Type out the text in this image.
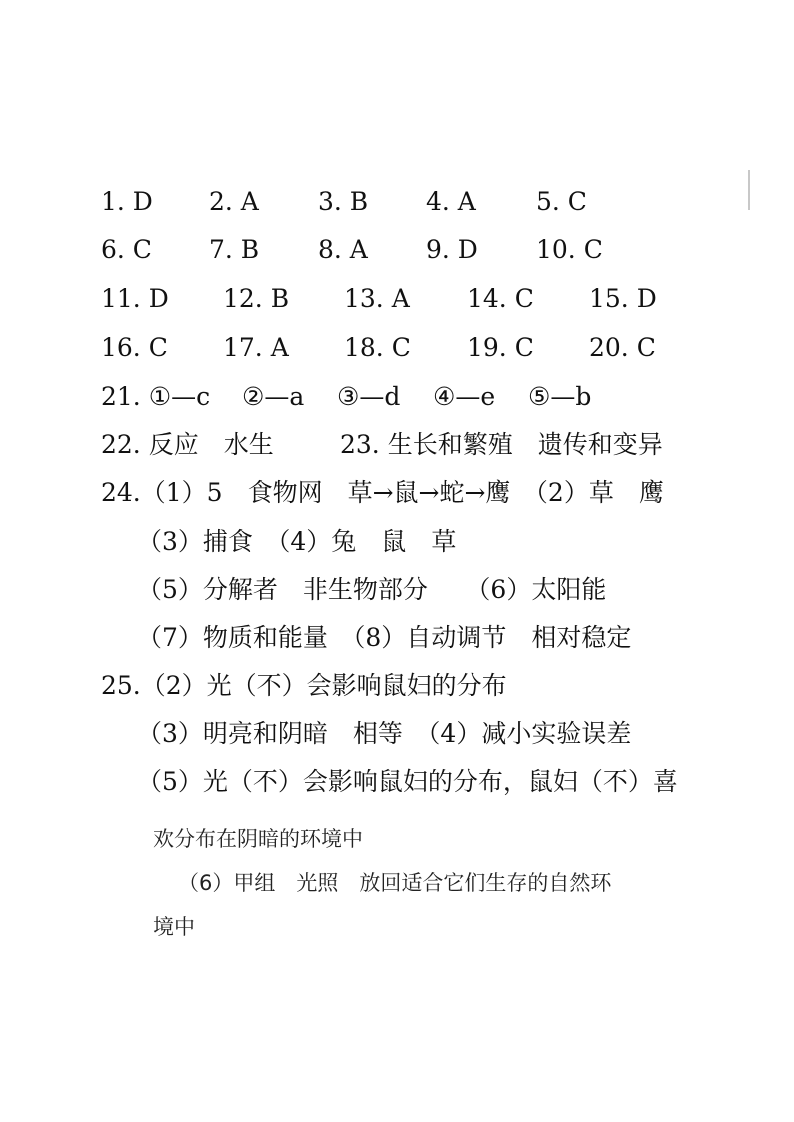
1. D 2. A 3. B 4. A 5. C
6. C 7. B 8. A 9. D 10. C
11. D 12. B 13. A 14. C 15. D
16. C 17. A 18. C 19. C 20. C
21. ①—c ②—a ③—d ④—e ⑤—b
22. 反应　水生	23. 生长和繁殖　遗传和变异
24.（1）5　食物网　草→鼠→蛇→鹰　（2）草　鹰
（3）捕食　（4）兔　鼠　草
（5）分解者　非生物部分　　（6）太阳能
（7）物质和能量　（8）自动调节　相对稳定
25.（2）光（不）会影响鼠妇的分布
（3）明亮和阴暗　相等　（4）减小实验误差
（5）光（不）会影响鼠妇的分布，鼠妇（不）喜
欢分布在阴暗的环境中
（6）甲组　光照　放回适合它们生存的自然环
境中
